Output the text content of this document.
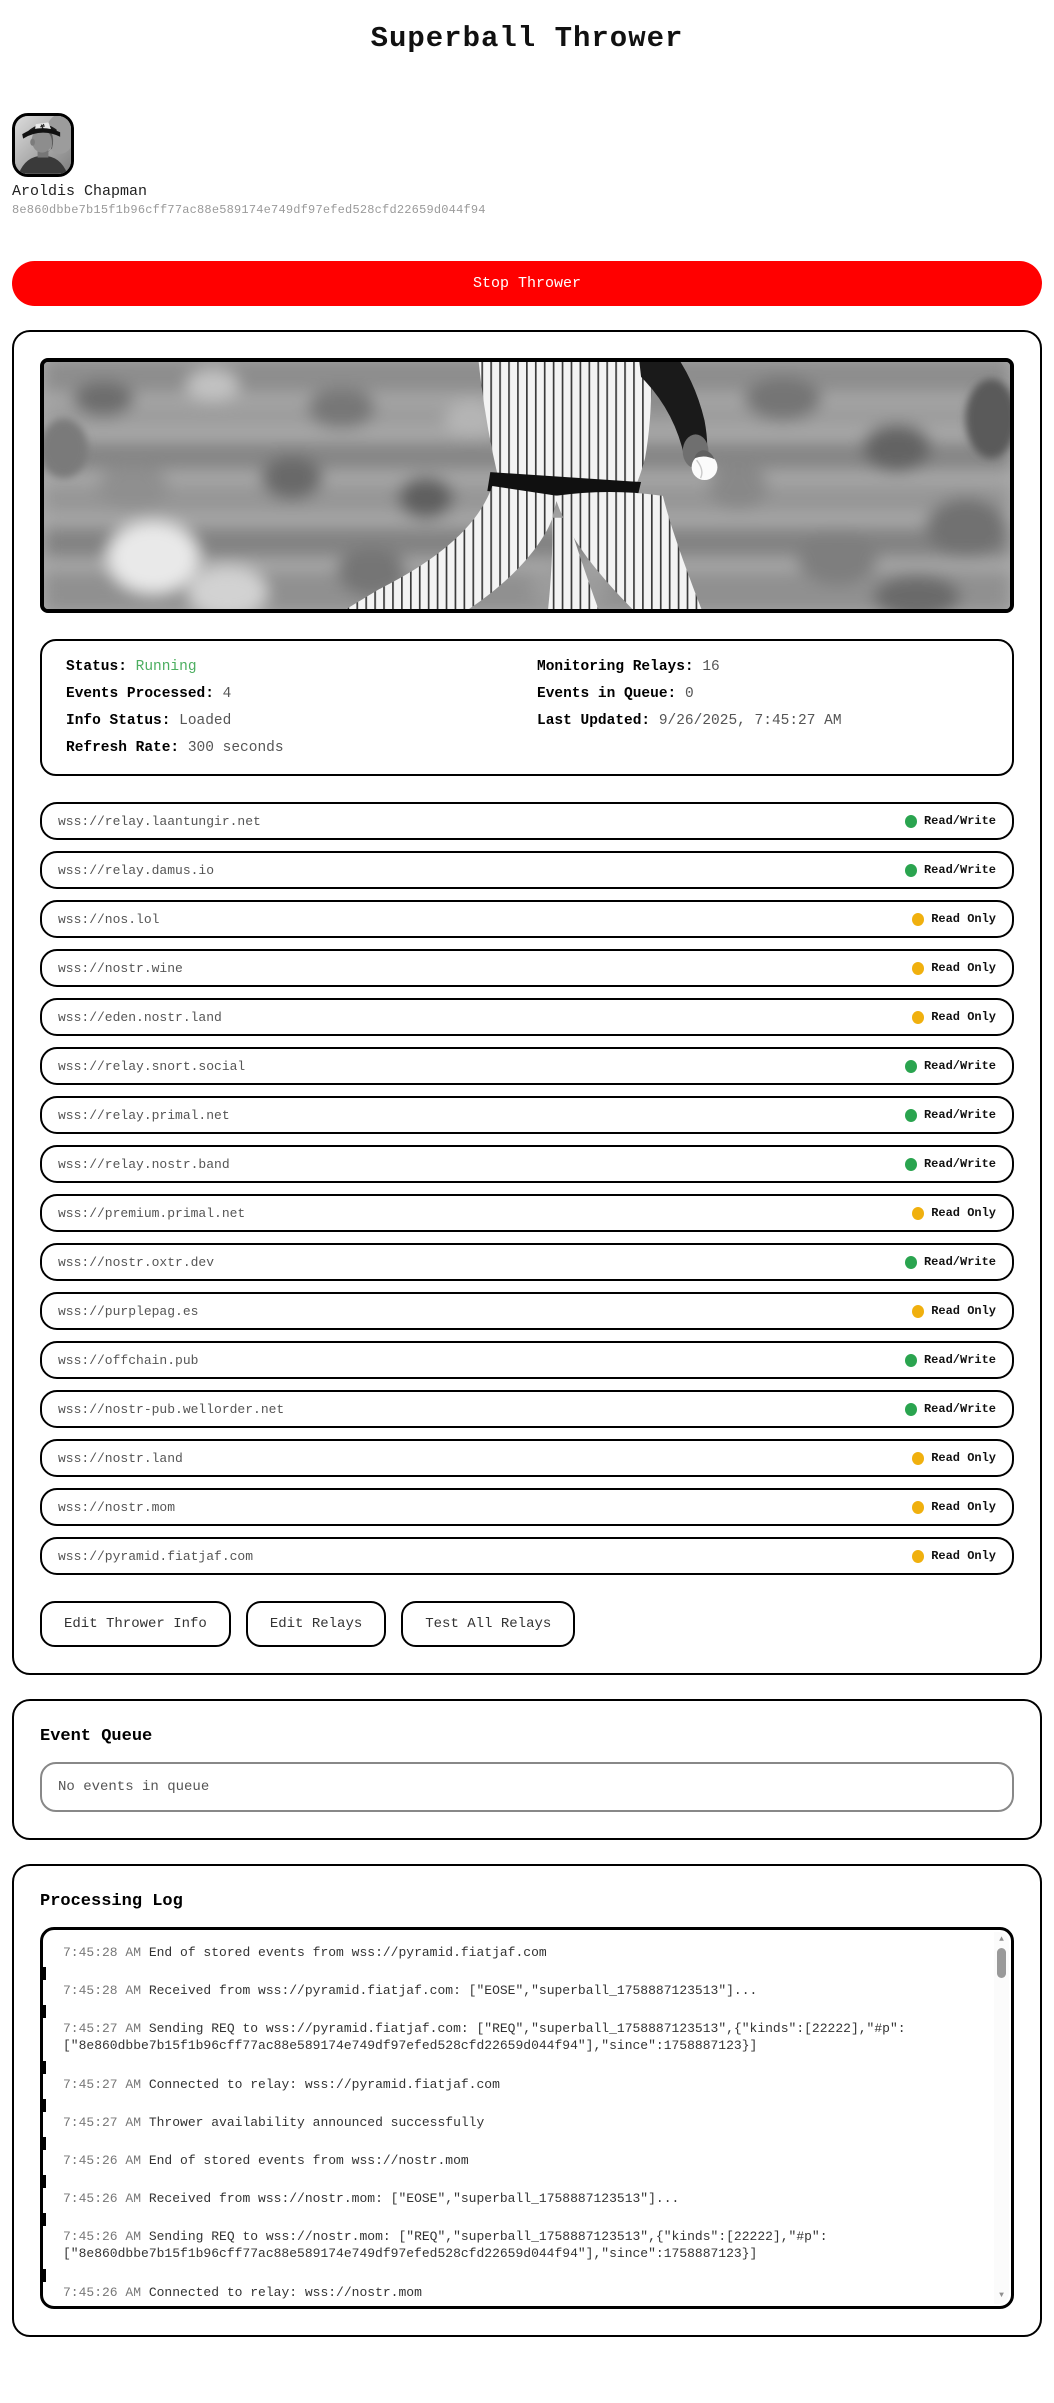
Superball Thrower
Aroldis Chapman
8e860dbbe7b15f1b96cff77ac88e589174e749df97efed528cfd22659d044f94
Stop Thrower
Status: Running	Monitoring Relays: 16
Events Processed: 4	Events in Queue: 0
Info Status: Loaded	Last Updated: 9/26/2025, 7:45:27 AM
Refresh Rate: 300 seconds
wss://relay.laantungir.net	Read/Write
wss://relay.damus.io	Read/Write
wss://nos.lol	Read Only
wss://nostr.wine	Read Only
wss://eden.nostr.land	Read Only
wss://relay.snort.social	Read/Write
wss://relay.primal.net	Read/Write
wss://relay.nostr.band	Read/Write
wss://premium.primal.net	Read Only
wss://nostr.oxtr.dev	Read/Write
wss://purplepag.es	Read Only
wss://offchain.pub	Read/Write
wss://nostr-pub.wellorder.net	Read/Write
wss://nostr.land	Read Only
wss://nostr.mom	Read Only
wss://pyramid.fiatjaf.com	Read Only
Edit Thrower Info	Edit Relays	Test All Relays
Event Queue
No events in queue
Processing Log
7:45:28 AM End of stored events from wss://pyramid.fiatjaf.com
7:45:28 AM Received from wss://pyramid.fiatjaf.com: ["EOSE","superball_1758887123513"]...
7:45:27 AM Sending REQ to wss://pyramid.fiatjaf.com: ["REQ","superball_1758887123513",{"kinds":[22222],"#p":["8e860dbbe7b15f1b96cff77ac88e589174e749df97efed528cfd22659d044f94"],"since":1758887123}]
7:45:27 AM Connected to relay: wss://pyramid.fiatjaf.com
7:45:27 AM Thrower availability announced successfully
7:45:26 AM End of stored events from wss://nostr.mom
7:45:26 AM Received from wss://nostr.mom: ["EOSE","superball_1758887123513"]...
7:45:26 AM Sending REQ to wss://nostr.mom: ["REQ","superball_1758887123513",{"kinds":[22222],"#p":["8e860dbbe7b15f1b96cff77ac88e589174e749df97efed528cfd22659d044f94"],"since":1758887123}]
7:45:26 AM Connected to relay: wss://nostr.mom
▲
▼
